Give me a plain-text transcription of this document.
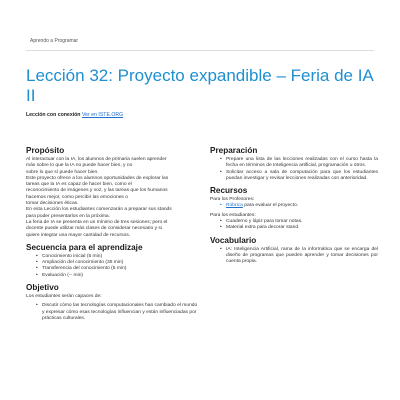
Aprendo a Programar
Lección 32: Proyecto expandible – Feria de IA II
Lección con conexión Ver en ISTE.ORG
Propósito

Al interactuar con la IA, los alumnos de primaria suelen aprender

más sobre lo que la IA no puede hacer bien, y no

sobre lo que sí puede hacer bien.

Este proyecto ofrece a los alumnos oportunidades de explorar las

tareas que la IA es capaz de hacer bien, como el

reconocimiento de imágenes y voz, y las tareas que los humanos

hacemos mejor, como percibir las emociones o

tomar decisiones éticas.

En esta Lección los estudiantes comenzarán a preparar sus stands

para poder presentarlos en la próxima.

La feria de IA se presenta en un mínimo de tres sesiones; pero el

docente puede utilizar más clases de considerar necesario y si

quiere integrar una mayor cantidad de recursos.

Secuencia para el aprendizaje
• Conocimiento inicial (5 min)
• Ampliación del conocimiento (35 min)
• Transferencia del conocimiento (5 min)
• Evaluación (-- min)
Objetivo

Los estudiantes serán capaces de:

• Discutir cómo las tecnologías computacionales han cambiado el mundo y expresar cómo esas tecnologías influencian y están influenciadas por prácticas culturales.
Preparación
• Prepare una lista de las lecciones realizadas con el curso hasta la fecha en términos de Inteligencia artificial, programación u otros.
• Solicitar acceso a sala de computación para que los estudiantes puedan investigar y revisar lecciones realizadas con anterioridad.
Recursos

Para los Profesores:

• Rúbrica para evaluar el proyecto.

Para los estudiantes:

• Cuaderno y lápiz para tomar notas.
• Material extra para decorar stand.
Vocabulario
• IA: Inteligencia Artificial, rama de la informática que se encarga del diseño de programas que pueden aprender y tomar decisiones por cuenta propia.
